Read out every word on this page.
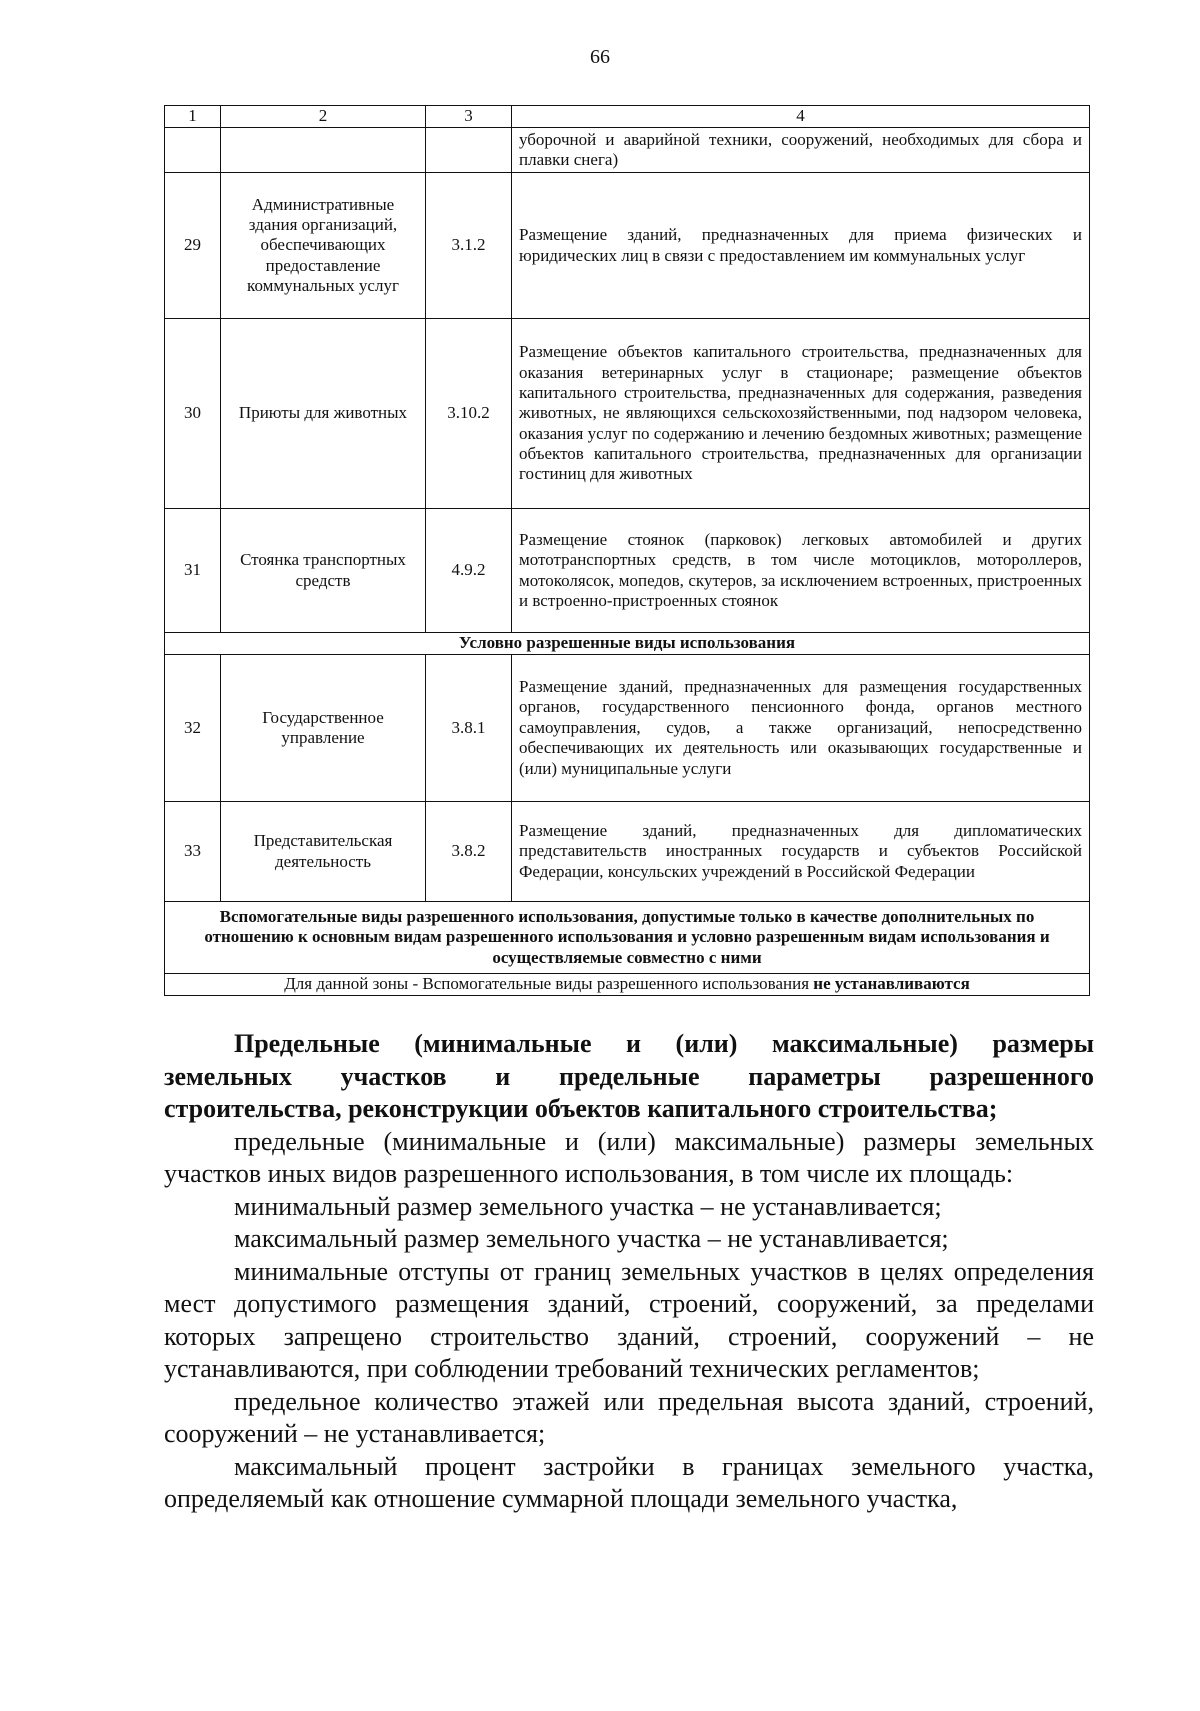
66
1	2	3	4
			уборочной и аварийной техники, сооружений, необходимых для сбора и плавки снега)
29	Административные здания организаций, обеспечивающих предоставление коммунальных услуг	3.1.2	Размещение зданий, предназначенных для приема физических и юридических лиц в связи с предоставлением им коммунальных услуг
30	Приюты для животных	3.10.2	Размещение объектов капитального строительства, предназначенных для оказания ветеринарных услуг в стационаре; размещение объектов капитального строительства, предназначенных для содержания, разведения животных, не являющихся сельскохозяйственными, под надзором человека, оказания услуг по содержанию и лечению бездомных животных; размещение объектов капитального строительства, предназначенных для организации гостиниц для животных
31	Стоянка транспортных средств	4.9.2	Размещение стоянок (парковок) легковых автомобилей и других мототранспортных средств, в том числе мотоциклов, мотороллеров, мотоколясок, мопедов, скутеров, за исключением встроенных, пристроенных и встроенно-пристроенных стоянок
Условно разрешенные виды использования			
32	Государственное управление	3.8.1	Размещение зданий, предназначенных для размещения государственных органов, государственного пенсионного фонда, органов местного самоуправления, судов, а также организаций, непосредственно обеспечивающих их деятельность или оказывающих государственные и (или) муниципальные услуги
33	Представительская деятельность	3.8.2	Размещение зданий, предназначенных для дипломатических представительств иностранных государств и субъектов Российской Федерации, консульских учреждений в Российской Федерации
Вспомогательные виды разрешенного использования, допустимые только в качестве дополнительных по отношению к основным видам разрешенного использования и условно разрешенным видам использования и осуществляемые совместно с ними			
Для данной зоны - Вспомогательные виды разрешенного использования не устанавливаются			
Предельные (минимальные и (или) максимальные) размеры
земельных участков и предельные параметры разрешенного
строительства, реконструкции объектов капитального строительства;

предельные (минимальные и (или) максимальные) размеры земельных участков иных видов разрешенного использования, в том числе их площадь:

минимальный размер земельного участка – не устанавливается;

максимальный размер земельного участка – не устанавливается;

минимальные отступы от границ земельных участков в целях определения мест допустимого размещения зданий, строений, сооружений, за пределами которых запрещено строительство зданий, строений, сооружений – не устанавливаются, при соблюдении требований технических регламентов;

предельное количество этажей или предельная высота зданий, строений, сооружений – не устанавливается;

максимальный процент застройки в границах земельного участка, определяемый как отношение суммарной площади земельного участка,
